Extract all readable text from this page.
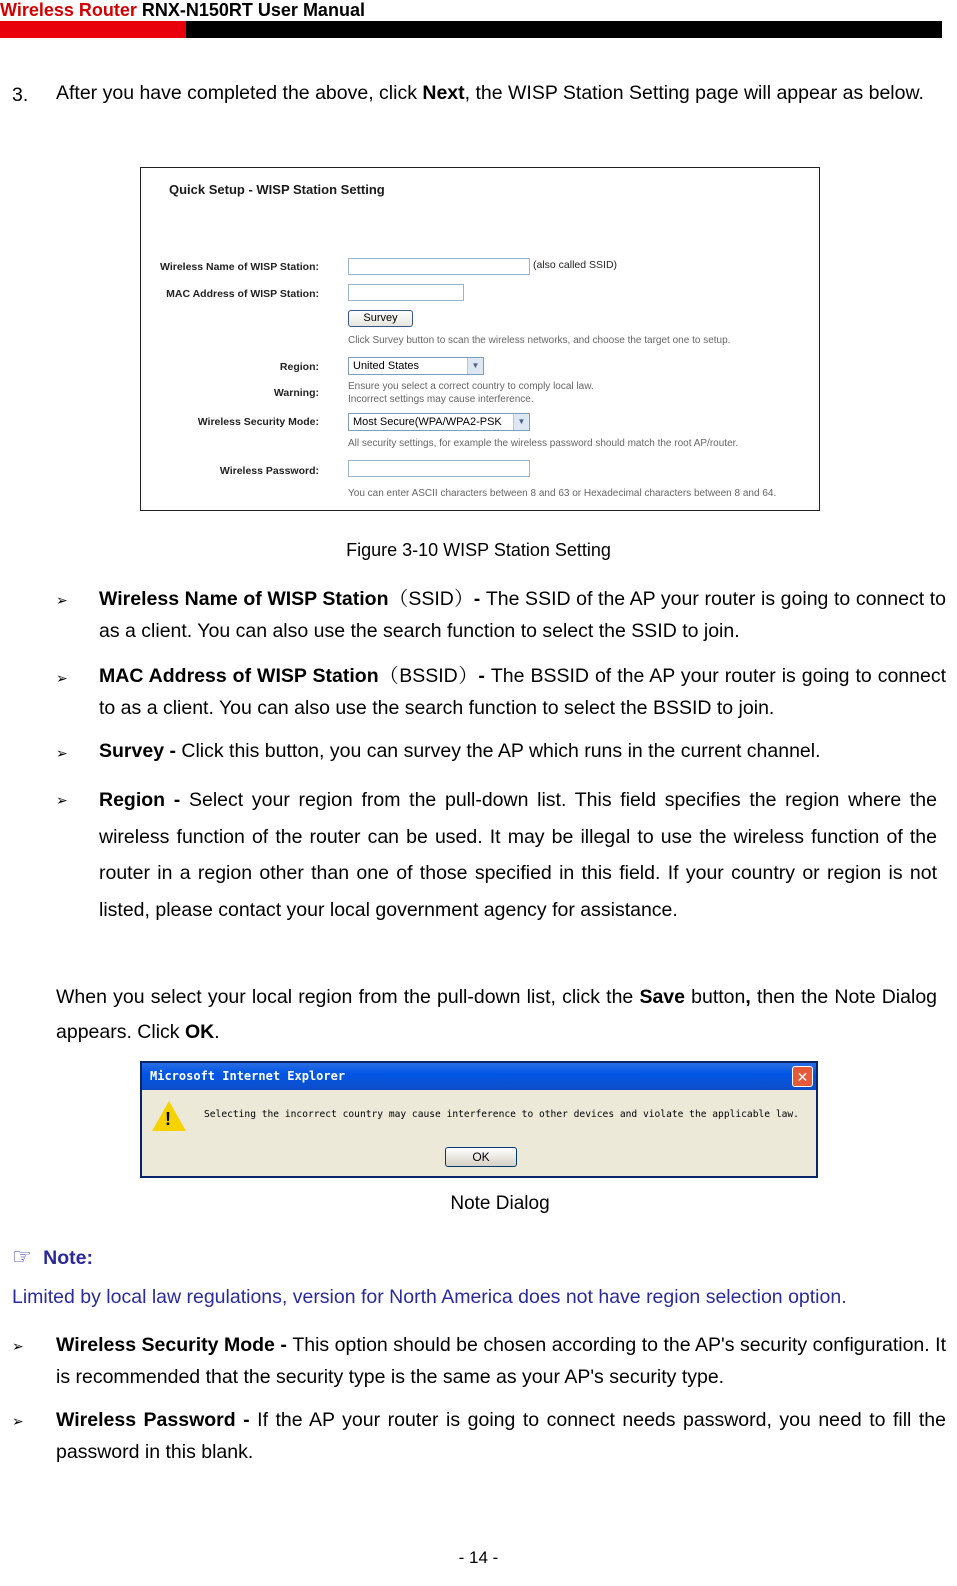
Wireless Router RNX-N150RT User Manual
3. After you have completed the above, click Next, the WISP Station Setting page will appear as below.
Quick Setup - WISP Station Setting
Wireless Name of WISP Station:	(also called SSID)
MAC Address of WISP Station:
Survey
Click Survey button to scan the wireless networks, and choose the target one to setup.
Region:	United States	▼
Warning:
Ensure you select a correct country to comply local law.
Incorrect settings may cause interference.
Wireless Security Mode:	Most Secure(WPA/WPA2-PSK	▼
All security settings, for example the wireless password should match the root AP/router.
Wireless Password:
You can enter ASCII characters between 8 and 63 or Hexadecimal characters between 8 and 64.
Figure 3-10 WISP Station Setting
➢ Wireless Name of WISP Station（SSID）- The SSID of the AP your router is going to connect to as a client. You can also use the search function to select the SSID to join.
➢ MAC Address of WISP Station（BSSID）- The BSSID of the AP your router is going to connect to as a client. You can also use the search function to select the BSSID to join.
➢ Survey - Click this button, you can survey the AP which runs in the current channel.
➢ Region - Select your region from the pull-down list. This field specifies the region where the wireless function of the router can be used. It may be illegal to use the wireless function of the router in a region other than one of those specified in this field. If your country or region is not listed, please contact your local government agency for assistance.
When you select your local region from the pull-down list, click the Save button, then the Note Dialog appears. Click OK.
Microsoft Internet Explorer	✕
!	Selecting the incorrect country may cause interference to other devices and violate the applicable law.
OK
Note Dialog
☞ Note:
Limited by local law regulations, version for North America does not have region selection option.
➢ Wireless Security Mode - This option should be chosen according to the AP's security configuration. It is recommended that the security type is the same as your AP's security type.
➢ Wireless Password - If the AP your router is going to connect needs password, you need to fill the password in this blank.
- 14 -
